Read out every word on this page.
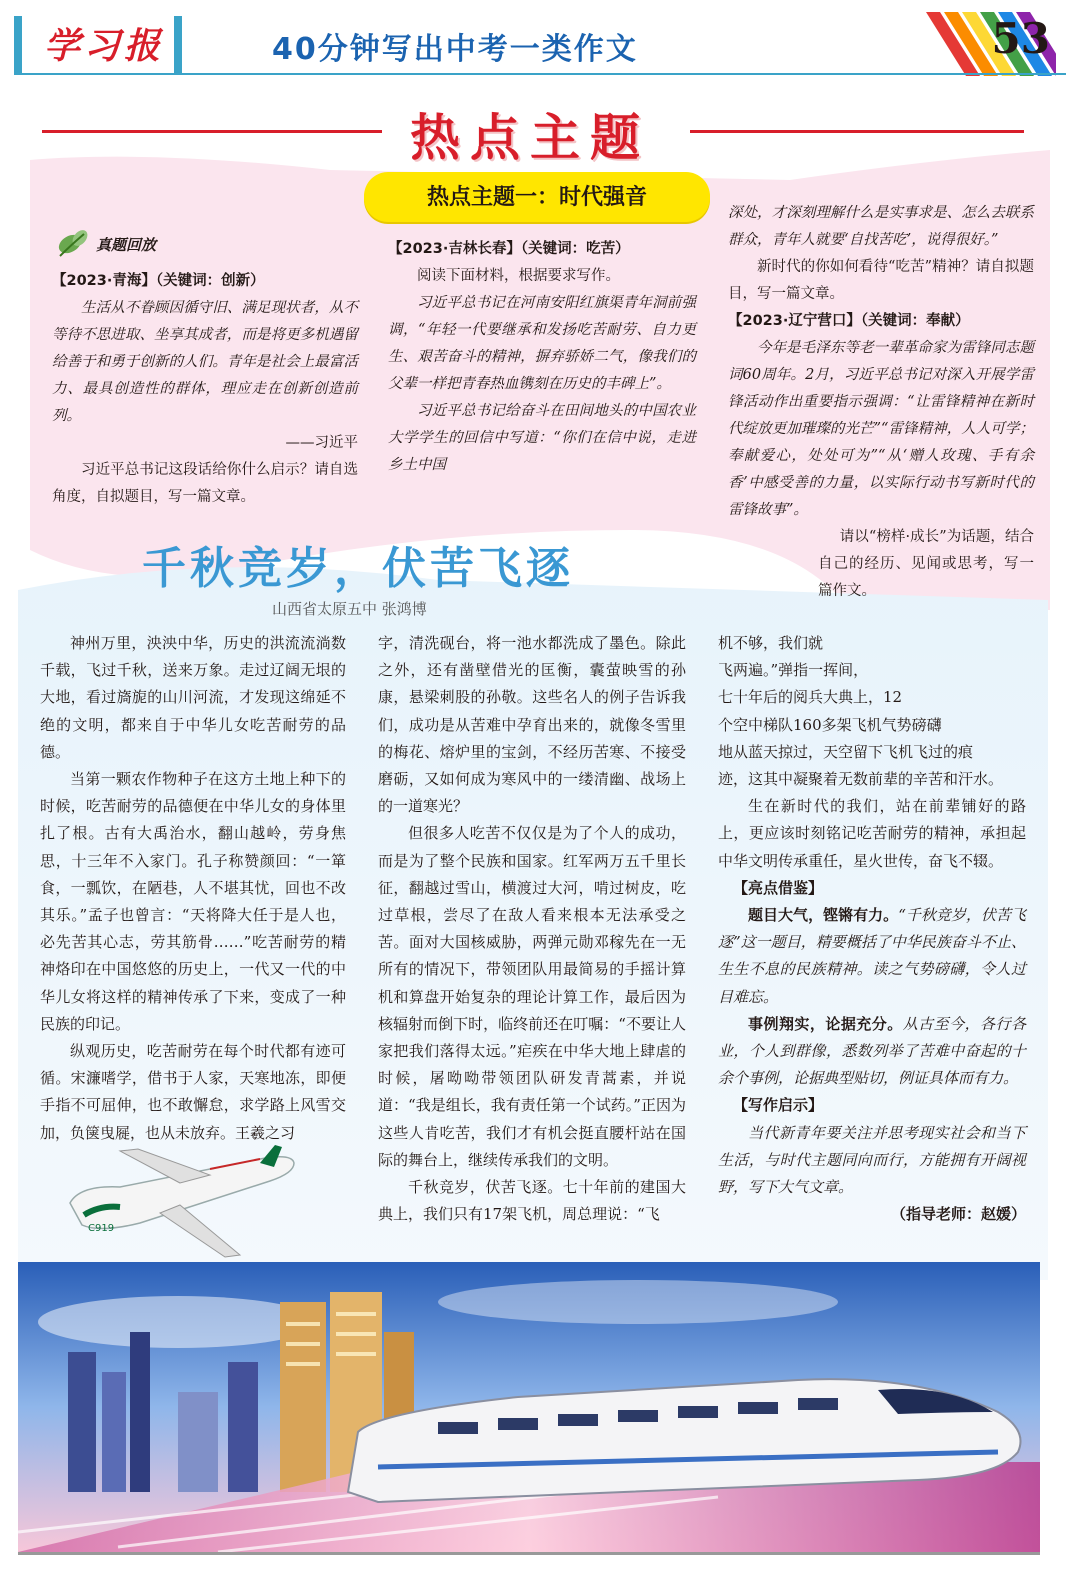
学习报	40分钟写出中考一类作文	53
热点主题
热点主题一：时代强音
真题回放
【2023·青海】（关键词：创新）

生活从不眷顾因循守旧、满足现状者，从不等待不思进取、坐享其成者，而是将更多机遇留给善于和勇于创新的人们。青年是社会上最富活力、最具创造性的群体，理应走在创新创造前列。

——习近平

习近平总书记这段话给你什么启示？请自选角度，自拟题目，写一篇文章。

【2023·吉林长春】（关键词：吃苦）

阅读下面材料，根据要求写作。

习近平总书记在河南安阳红旗渠青年洞前强调，“年轻一代要继承和发扬吃苦耐劳、自力更生、艰苦奋斗的精神，摒弃骄娇二气，像我们的父辈一样把青春热血镌刻在历史的丰碑上”。

习近平总书记给奋斗在田间地头的中国农业大学学生的回信中写道：“你们在信中说，走进乡土中国

深处，才深刻理解什么是实事求是、怎么去联系群众，青年人就要‘自找苦吃’，说得很好。”

新时代的你如何看待“吃苦”精神？请自拟题目，写一篇文章。

【2023·辽宁营口】（关键词：奉献）

今年是毛泽东等老一辈革命家为雷锋同志题词60周年。2月，习近平总书记对深入开展学雷锋活动作出重要指示强调：“让雷锋精神在新时代绽放更加璀璨的光芒”“雷锋精神，人人可学；奉献爱心，处处可为”“从‘赠人玫瑰、手有余香’中感受善的力量，以实际行动书写新时代的雷锋故事”。

请以“榜样·成长”为话题，结合自己的经历、见闻或思考，写一篇作文。

千秋竞岁，伏苦飞逐
山西省太原五中 张鸿博

神州万里，泱泱中华，历史的洪流流淌数千载，飞过千秋，送来万象。走过辽阔无垠的大地，看过旖旎的山川河流，才发现这绵延不绝的文明，都来自于中华儿女吃苦耐劳的品德。

当第一颗农作物种子在这方土地上种下的时候，吃苦耐劳的品德便在中华儿女的身体里扎了根。古有大禹治水，翻山越岭，劳身焦思，十三年不入家门。孔子称赞颜回：“一箪食，一瓢饮，在陋巷，人不堪其忧，回也不改其乐。”孟子也曾言：“天将降大任于是人也，必先苦其心志，劳其筋骨……”吃苦耐劳的精神烙印在中国悠悠的历史上，一代又一代的中华儿女将这样的精神传承了下来，变成了一种民族的印记。

纵观历史，吃苦耐劳在每个时代都有迹可循。宋濂嗜学，借书于人家，天寒地冻，即便手指不可屈伸，也不敢懈怠，求学路上风雪交加，负箧曳屣，也从未放弃。王羲之习

字，清洗砚台，将一池水都洗成了墨色。除此之外，还有凿壁借光的匡衡，囊萤映雪的孙康，悬梁刺股的孙敬。这些名人的例子告诉我们，成功是从苦难中孕育出来的，就像冬雪里的梅花、熔炉里的宝剑，不经历苦寒、不接受磨砺，又如何成为寒风中的一缕清幽、战场上的一道寒光？

但很多人吃苦不仅仅是为了个人的成功，而是为了整个民族和国家。红军两万五千里长征，翻越过雪山，横渡过大河，啃过树皮，吃过草根，尝尽了在敌人看来根本无法承受之苦。面对大国核威胁，两弹元勋邓稼先在一无所有的情况下，带领团队用最简易的手摇计算机和算盘开始复杂的理论计算工作，最后因为核辐射而倒下时，临终前还在叮嘱：“不要让人家把我们落得太远。”疟疾在中华大地上肆虐的时候，屠呦呦带领团队研发青蒿素，并说道：“我是组长，我有责任第一个试药。”正因为这些人肯吃苦，我们才有机会挺直腰杆站在国际的舞台上，继续传承我们的文明。

千秋竞岁，伏苦飞逐。七十年前的建国大典上，我们只有17架飞机，周总理说：“飞

机不够，我们就
飞两遍。”弹指一挥间，
七十年后的阅兵大典上，12
个空中梯队160多架飞机气势磅礴
地从蓝天掠过，天空留下飞机飞过的痕
迹，这其中凝聚着无数前辈的辛苦和汗水。

生在新时代的我们，站在前辈铺好的路上，更应该时刻铭记吃苦耐劳的精神，承担起中华文明传承重任，星火世传，奋飞不辍。

【亮点借鉴】

题目大气，铿锵有力。“千秋竞岁，伏苦飞逐”这一题目，精要概括了中华民族奋斗不止、生生不息的民族精神。读之气势磅礴，令人过目难忘。

事例翔实，论据充分。从古至今，各行各业，个人到群像，悉数列举了苦难中奋起的十余个事例，论据典型贴切，例证具体而有力。

【写作启示】

当代新青年要关注并思考现实社会和当下生活，与时代主题同向而行，方能拥有开阔视野，写下大气文章。

（指导老师：赵媛）
C919
